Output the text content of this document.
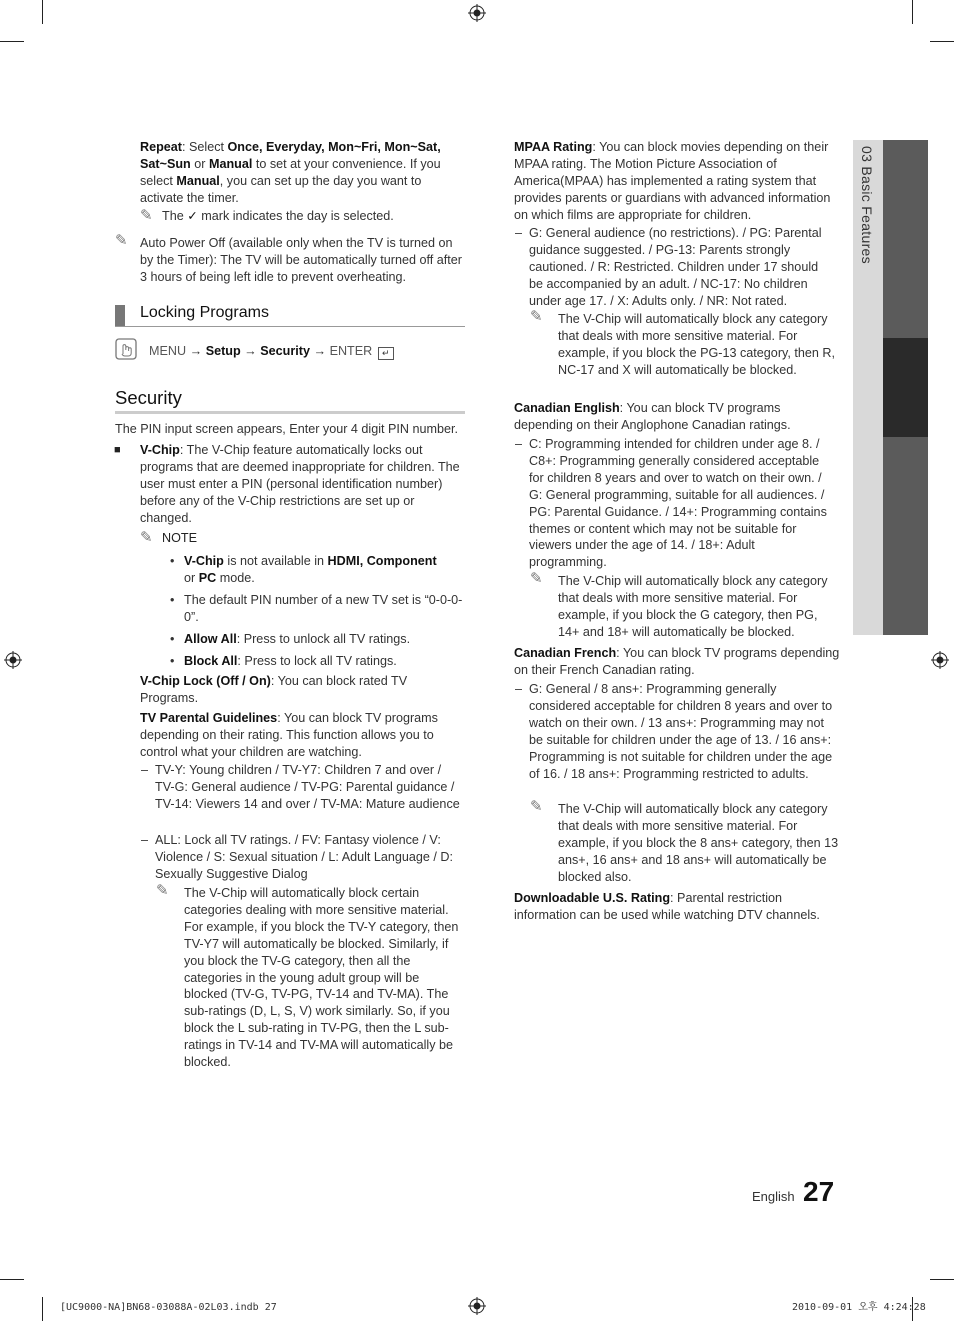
03 Basic Features

Repeat: Select Once, Everyday, Mon~Fri, Mon~Sat, Sat~Sun or Manual to set at your convenience. If you select Manual, you can set up the day you want to activate the timer.

✎ The ✓ mark indicates the day is selected.
✎ Auto Power Off (available only when the TV is turned on by the Timer): The TV will be automatically turned off after 3 hours of being left idle to prevent overheating.

Locking Programs
MENU → Setup → Security → ENTER ↵
Security
The PIN input screen appears, Enter your 4 digit PIN number.
■ V-Chip: The V-Chip feature automatically locks out programs that are deemed inappropriate for children. The user must enter a PIN (personal identification number) before any of the V-Chip restrictions are set up or changed.

✎ NOTE
• V-Chip is not available in HDMI, Component
or PC mode.
• The default PIN number of a new TV set is “0-0-0-0”.
• Allow All: Press to unlock all TV ratings.
• Block All: Press to lock all TV ratings.

V-Chip Lock (Off / On): You can block rated TV Programs.

TV Parental Guidelines: You can block TV programs depending on their rating. This function allows you to control what your children are watching.

– TV-Y: Young children / TV-Y7: Children 7 and over / TV-G: General audience / TV-PG: Parental guidance / TV-14: Viewers 14 and over / TV-MA: Mature audience

– ALL: Lock all TV ratings. / FV: Fantasy violence / V: Violence / S: Sexual situation / L: Adult Language / D: Sexually Suggestive Dialog

✎	The V-Chip will automatically block certain categories dealing with more sensitive material. For example, if you block the TV-Y category, then TV-Y7 will automatically be blocked. Similarly, if you block the TV-G category, then all the categories in the young adult group will be blocked (TV-G, TV-PG, TV-14 and TV-MA). The sub-ratings (D, L, S, V) work similarly. So, if you block the L sub-rating in TV-PG, then the L sub-ratings in TV-14 and TV-MA will automatically be blocked.

MPAA Rating: You can block movies depending on their MPAA rating. The Motion Picture Association of America(MPAA) has implemented a rating system that provides parents or guardians with advanced information on which films are appropriate for children.

– G: General audience (no restrictions). / PG: Parental guidance suggested. / PG-13: Parents strongly cautioned. / R: Restricted. Children under 17 should be accompanied by an adult. / NC-17: No children under age 17. / X: Adults only. / NR: Not rated.

✎	The V-Chip will automatically block any category that deals with more sensitive material. For example, if you block the PG-13 category, then R, NC-17 and X will automatically be blocked.

Canadian English: You can block TV programs depending on their Anglophone Canadian ratings.

– C: Programming intended for children under age 8. / C8+: Programming generally considered acceptable for children 8 years and over to watch on their own. / G: General programming, suitable for all audiences. / PG: Parental Guidance. / 14+: Programming contains themes or content which may not be suitable for viewers under the age of 14. / 18+: Adult programming.

✎	The V-Chip will automatically block any category that deals with more sensitive material. For example, if you block the G category, then PG, 14+ and 18+ will automatically be blocked.

Canadian French: You can block TV programs depending on their French Canadian rating.

– G: General / 8 ans+: Programming generally considered acceptable for children 8 years and over to watch on their own. / 13 ans+: Programming may not be suitable for children under the age of 13. / 16 ans+: Programming is not suitable for children under the age of 16. / 18 ans+: Programming restricted to adults.

✎	The V-Chip will automatically block any category that deals with more sensitive material. For example, if you block the 8 ans+ category, then 13 ans+, 16 ans+ and 18 ans+ will automatically be blocked also.

Downloadable U.S. Rating: Parental restriction information can be used while watching DTV channels.

English 27
[UC9000-NA]BN68-03088A-02L03.indb 27	2010-09-01 오후 4:24:28
